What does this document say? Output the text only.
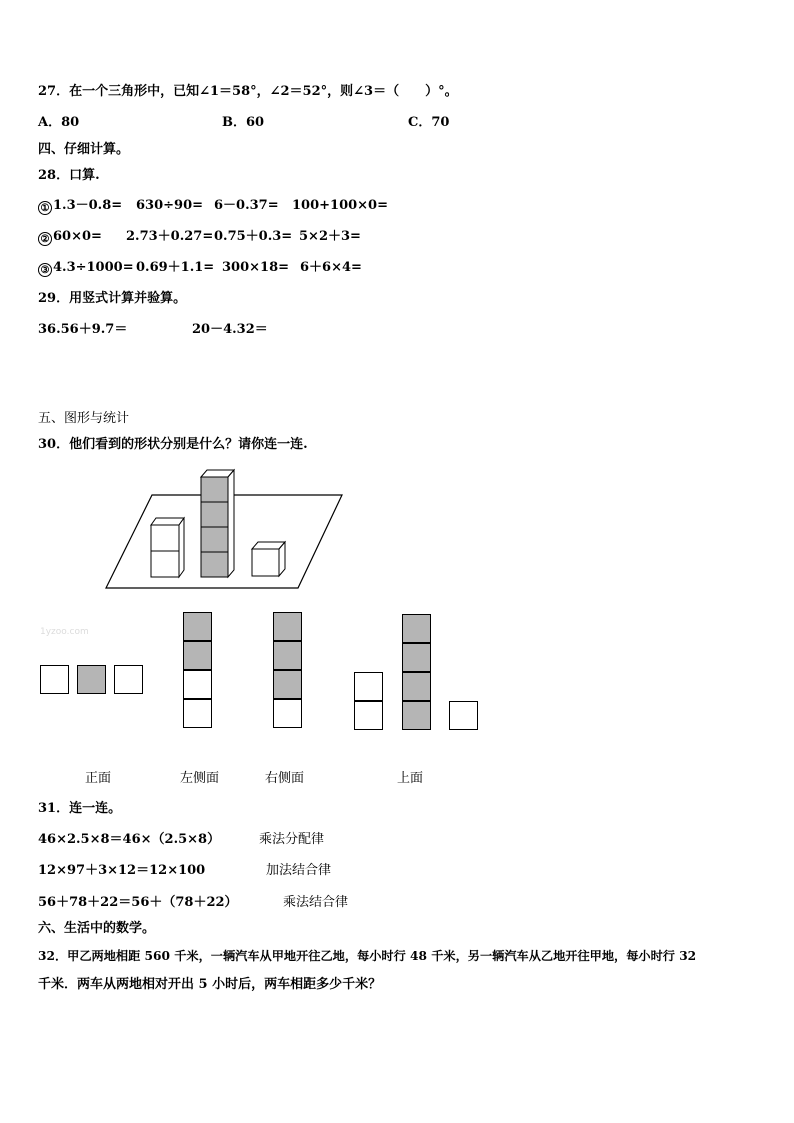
27．在一个三角形中，已知∠1＝58°，∠2＝52°，则∠3＝（　　）°。
A．80	B．60	C．70
四、仔细计算。
28．口算.
① 1.3－0.8= 630÷90= 6－0.37= 100+100×0=
② 60×0= 2.73＋0.27= 0.75＋0.3= 5×2＋3=
③ 4.3÷1000= 0.69＋1.1= 300×18= 6＋6×4=
29．用竖式计算并验算。
36.56＋9.7＝	20－4.32＝
五、图形与统计
30．他们看到的形状分别是什么？请你连一连.
1yzoo.com
正面	左侧面	右侧面	上面
31．连一连。
46×2.5×8＝46×（2.5×8）	乘法分配律
12×97＋3×12＝12×100	加法结合律
56＋78＋22＝56＋（78＋22）	乘法结合律
六、生活中的数学。
32．甲乙两地相距 560 千米，一辆汽车从甲地开往乙地，每小时行 48 千米，另一辆汽车从乙地开往甲地，每小时行 32
千米．两车从两地相对开出 5 小时后，两车相距多少千米？
